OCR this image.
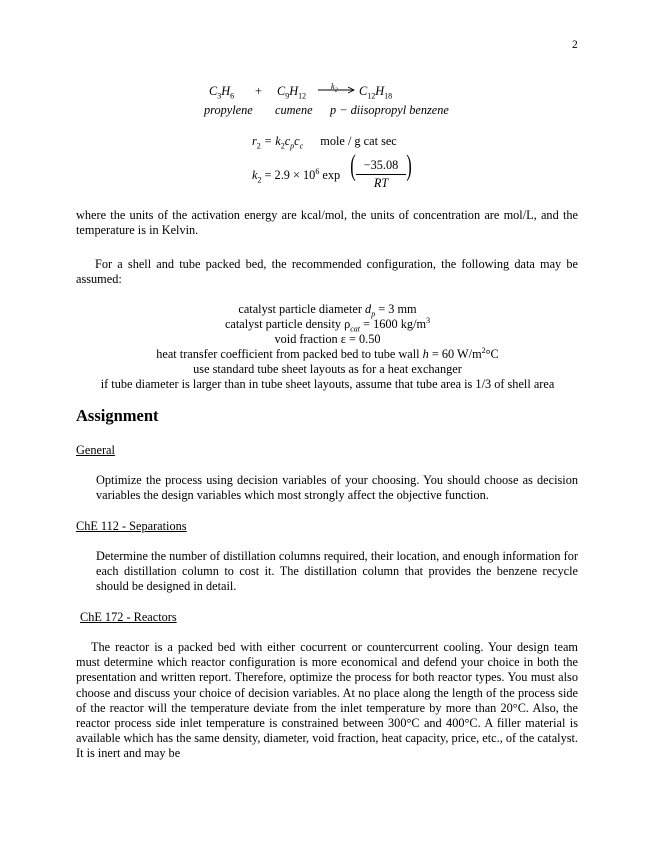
2
$C_3H_6 + C_9H_{12}$	$C_{12}H_{18}$
propylene cumene p − diisopropyl benzene
$k_2$
$r_2 = k_2c_pc_c$ mole / g cat sec
$k_2 = 2.9 \times 10^6$ exp ( $\frac{-35.08}{RT}$ )
where the units of the activation energy are kcal/mol, the units of concentration are mol/L, and the temperature is in Kelvin.
For a shell and tube packed bed, the recommended configuration, the following data may be assumed:
catalyst particle diameter $d_p = 3$ mm
catalyst particle density $\rho_{cat} = 1600$ $kg/m^3$
void fraction ε = 0.50
heat transfer coefficient from packed bed to tube wall h = 60 $W/m^2^\circ C$
use standard tube sheet layouts as for a heat exchanger
if tube diameter is larger than in tube sheet layouts, assume that tube area is 1/3 of shell area
Assignment
General
Optimize the process using decision variables of your choosing. You should choose as decision variables the design variables which most strongly affect the objective function.
ChE 112 - Separations
Determine the number of distillation columns required, their location, and enough information for each distillation column to cost it. The distillation column that provides the benzene recycle should be designed in detail.
ChE 172 - Reactors
The reactor is a packed bed with either cocurrent or countercurrent cooling. Your design team must determine which reactor configuration is more economical and defend your choice in both the presentation and written report. Therefore, optimize the process for both reactor types. You must also choose and discuss your choice of decision variables. At no place along the length of the process side of the reactor will the temperature deviate from the inlet temperature by more than 20°C. Also, the reactor process side inlet temperature is constrained between 300°C and 400°C. A filler material is available which has the same density, diameter, void fraction, heat capacity, price, etc., of the catalyst. It is inert and may be
